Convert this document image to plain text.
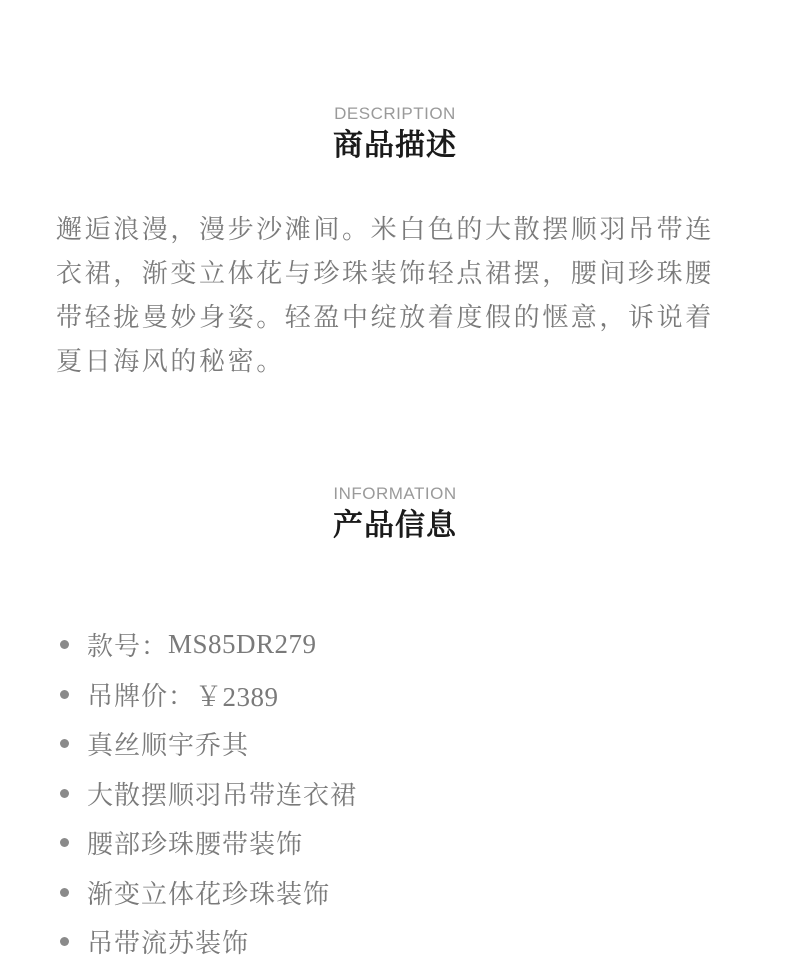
DESCRIPTION
商品描述

邂逅浪漫，漫步沙滩间。米白色的大散摆顺羽吊带连衣裙，渐变立体花与珍珠装饰轻点裙摆，腰间珍珠腰带轻拢曼妙身姿。轻盈中绽放着度假的惬意，诉说着夏日海风的秘密。

INFORMATION
产品信息
款号： MS85DR279
吊牌价： ￥2389
真丝顺宇乔其
大散摆顺羽吊带连衣裙
腰部珍珠腰带装饰
渐变立体花珍珠装饰
吊带流苏装饰
